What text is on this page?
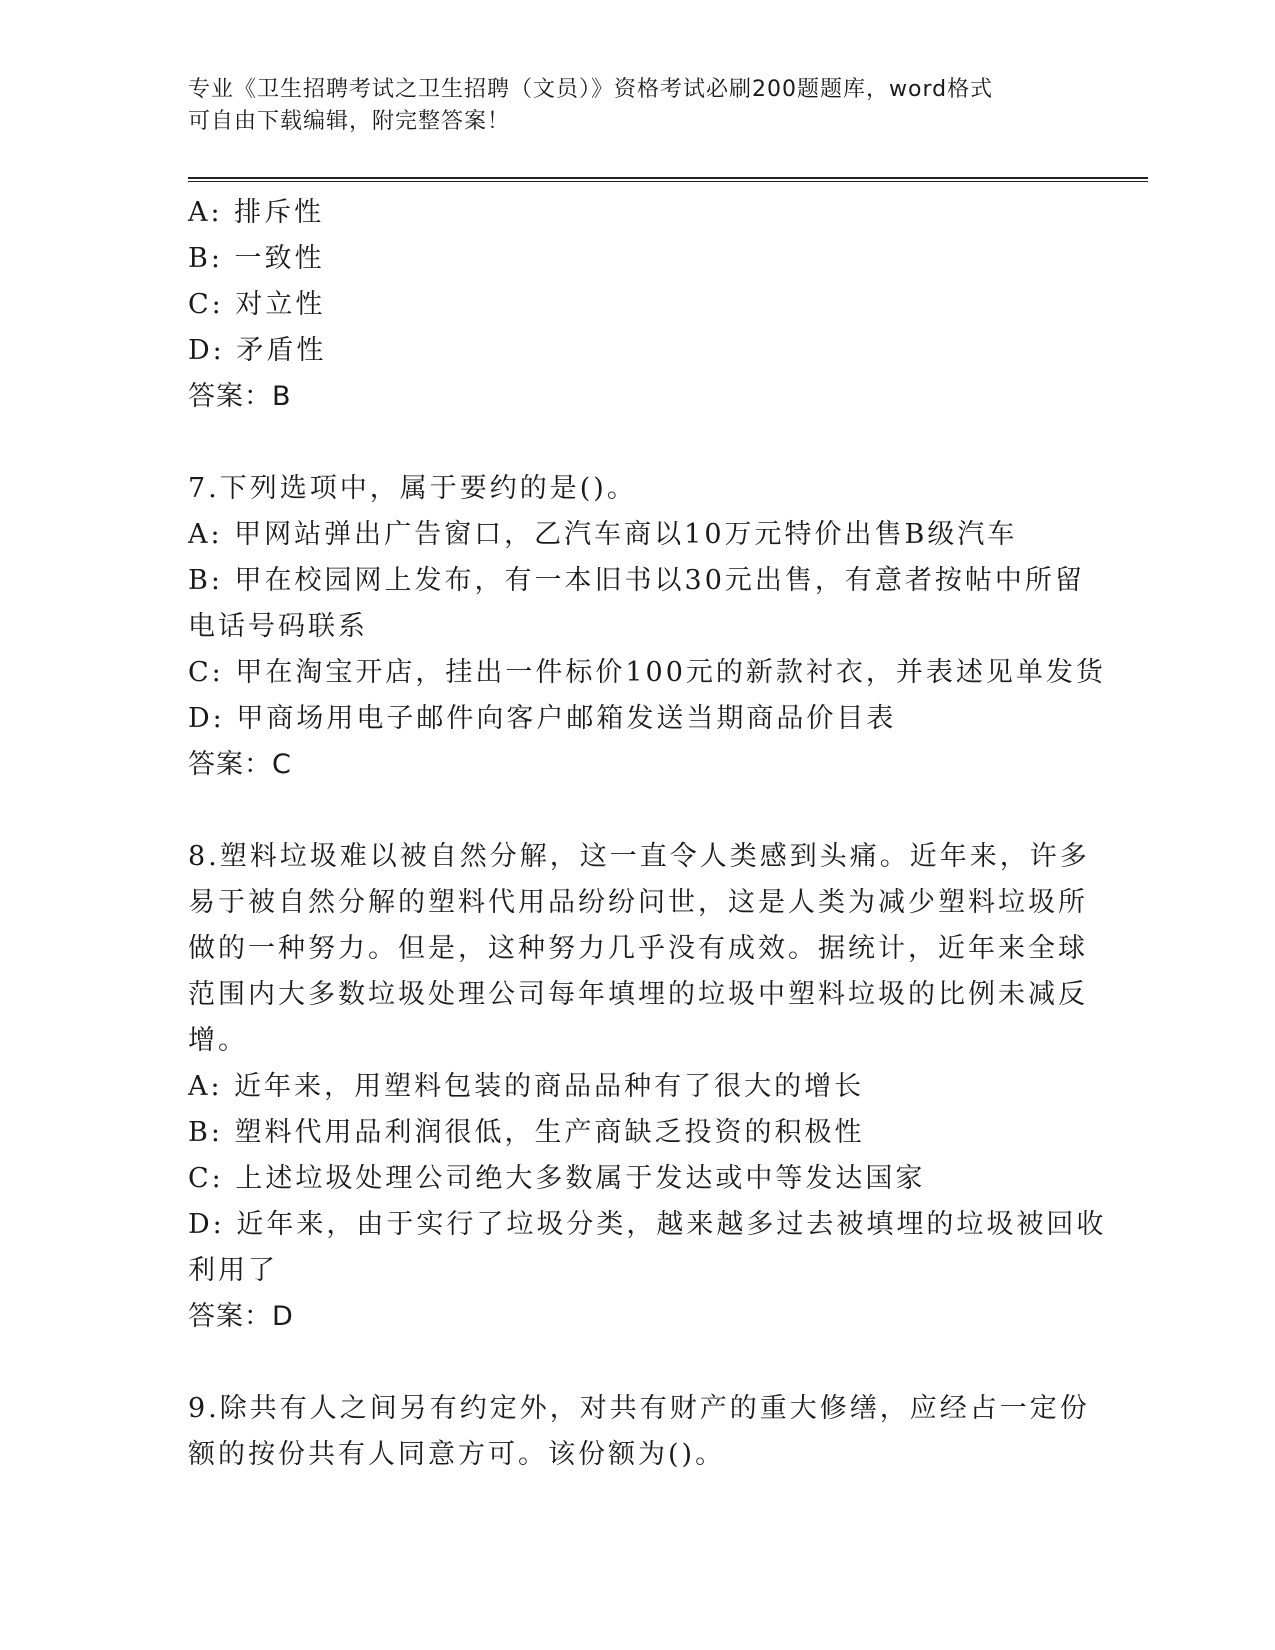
专业《卫生招聘考试之卫生招聘（文员）》资格考试必刷200题题库，word格式
可自由下载编辑，附完整答案！
A: 排斥性
B: 一致性
C: 对立性
D: 矛盾性
答案：B
7.下列选项中，属于要约的是()。
A: 甲网站弹出广告窗口，乙汽车商以10万元特价出售B级汽车
B: 甲在校园网上发布，有一本旧书以30元出售，有意者按帖中所留
电话号码联系
C: 甲在淘宝开店，挂出一件标价100元的新款衬衣，并表述见单发货
D: 甲商场用电子邮件向客户邮箱发送当期商品价目表
答案：C
8.塑料垃圾难以被自然分解，这一直令人类感到头痛。近年来，许多
易于被自然分解的塑料代用品纷纷问世，这是人类为减少塑料垃圾所
做的一种努力。但是，这种努力几乎没有成效。据统计，近年来全球
范围内大多数垃圾处理公司每年填埋的垃圾中塑料垃圾的比例未减反
增。
A: 近年来，用塑料包装的商品品种有了很大的增长
B: 塑料代用品利润很低，生产商缺乏投资的积极性
C: 上述垃圾处理公司绝大多数属于发达或中等发达国家
D: 近年来，由于实行了垃圾分类，越来越多过去被填埋的垃圾被回收
利用了
答案：D
9.除共有人之间另有约定外，对共有财产的重大修缮，应经占一定份
额的按份共有人同意方可。该份额为()。
